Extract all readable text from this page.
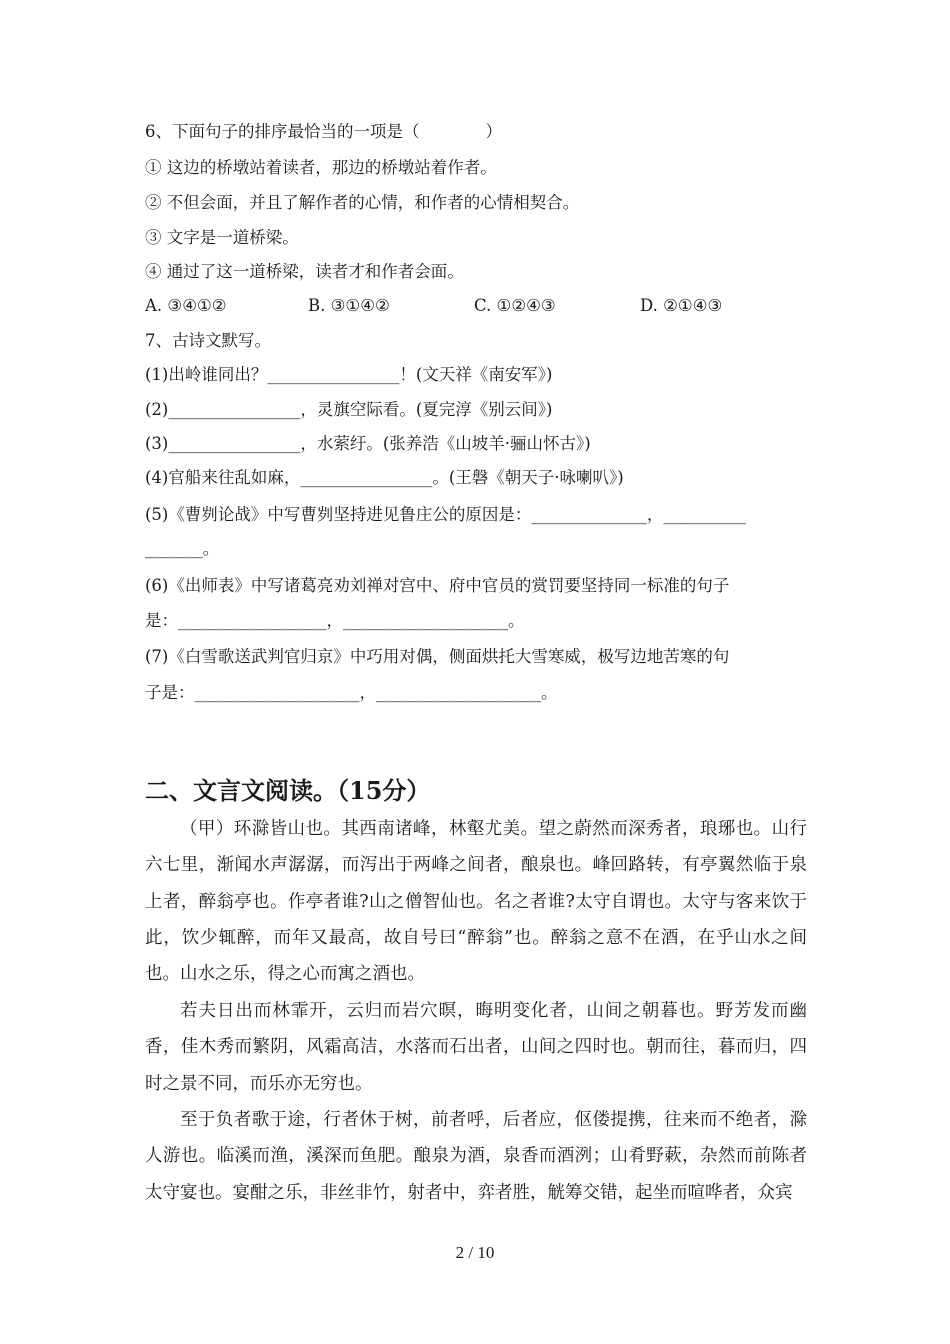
6、下面句子的排序最恰当的一项是（　　　　）
① 这边的桥墩站着读者，那边的桥墩站着作者。
② 不但会面，并且了解作者的心情，和作者的心情相契合。
③ 文字是一道桥梁。
④ 通过了这一道桥梁，读者才和作者会面。
A. ③④①②	B. ③①④②	C. ①②④③	D. ②①④③
7、古诗文默写。
(1)出岭谁同出？________________！(文天祥《南安军》)
(2)________________，灵旗空际看。(夏完淳《别云间》)
(3)________________，水萦纡。(张养浩《山坡羊·骊山怀古》)
(4)官船来往乱如麻，________________。(王磐《朝天子·咏喇叭》)
(5)《曹刿论战》中写曹刿坚持进见鲁庄公的原因是：______________，__________
_______。
(6)《出师表》中写诸葛亮劝刘禅对宫中、府中官员的赏罚要坚持同一标准的句子
是：__________________，____________________。
(7)《白雪歌送武判官归京》中巧用对偶，侧面烘托大雪寒威，极写边地苦寒的句
子是：____________________，____________________。
二、文言文阅读。（15分）

（甲）环滁皆山也。其西南诸峰，林壑尤美。望之蔚然而深秀者，琅琊也。山行六七里，渐闻水声潺潺，而泻出于两峰之间者，酿泉也。峰回路转，有亭翼然临于泉上者，醉翁亭也。作亭者谁?山之僧智仙也。名之者谁?太守自谓也。太守与客来饮于此，饮少辄醉，而年又最高，故自号曰“醉翁”也。醉翁之意不在酒，在乎山水之间也。山水之乐，得之心而寓之酒也。

若夫日出而林霏开，云归而岩穴暝，晦明变化者，山间之朝暮也。野芳发而幽香，佳木秀而繁阴，风霜高洁，水落而石出者，山间之四时也。朝而往，暮而归，四时之景不同，而乐亦无穷也。

至于负者歌于途，行者休于树，前者呼，后者应，伛偻提携，往来而不绝者，滁人游也。临溪而渔，溪深而鱼肥。酿泉为酒，泉香而酒洌；山肴野蔌，杂然而前陈者太守宴也。宴酣之乐，非丝非竹，射者中，弈者胜，觥筹交错，起坐而喧哗者，众宾

2 / 10
